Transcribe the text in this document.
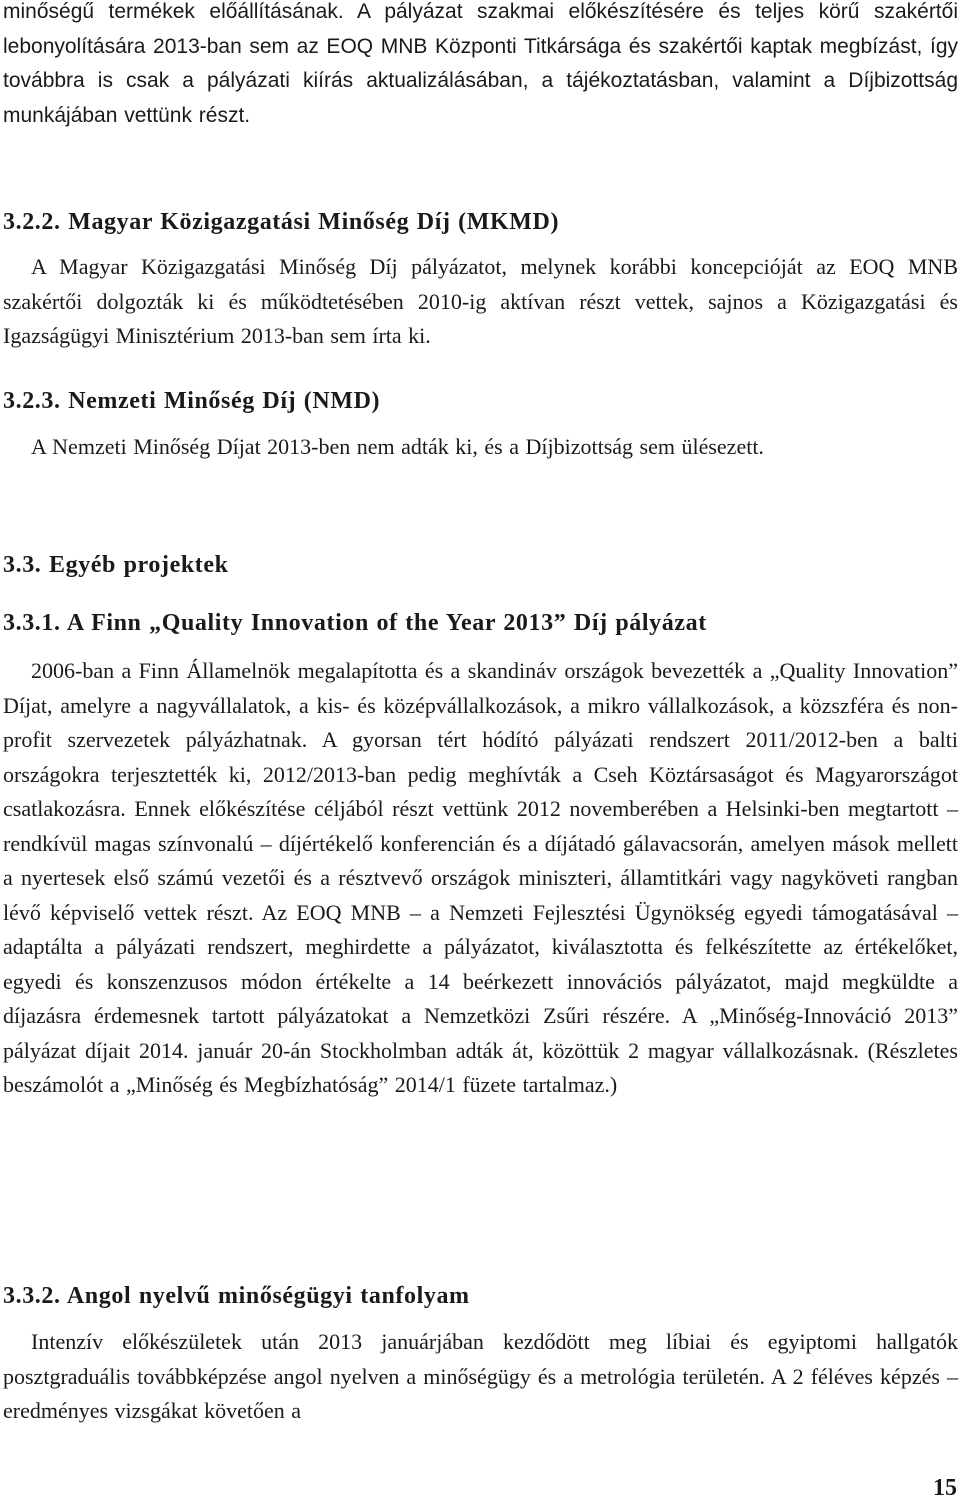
minőségű termékek előállításának. A pályázat szakmai előkészítésére és teljes körű szakértői lebonyolítására 2013-ban sem az EOQ MNB Központi Titkársága és szakértői kaptak megbízást, így továbbra is csak a pályázati kiírás aktualizálásában, a tájékoztatásban, valamint a Díjbizottság munkájában vettünk részt.

3.2.2. Magyar Közigazgatási Minőség Díj (MKMD)

A Magyar Közigazgatási Minőség Díj pályázatot, melynek korábbi koncepcióját az EOQ MNB szakértői dolgozták ki és működtetésében 2010-ig aktívan részt vettek, sajnos a Közigazgatási és Igazságügyi Minisztérium 2013-ban sem írta ki.

3.2.3. Nemzeti Minőség Díj (NMD)

A Nemzeti Minőség Díjat 2013-ben nem adták ki, és a Díjbizottság sem ülésezett.

3.3. Egyéb projektek
3.3.1. A Finn „Quality Innovation of the Year 2013” Díj pályázat

2006-ban a Finn Államelnök megalapította és a skandináv országok bevezették a „Quality Innovation” Díjat, amelyre a nagyvállalatok, a kis- és középvállalkozások, a mikro vállalkozások, a közszféra és non-profit szervezetek pályázhatnak. A gyorsan tért hódító pályázati rendszert 2011/2012-ben a balti országokra terjesztették ki, 2012/2013-ban pedig meghívták a Cseh Köztársaságot és Magyarországot csatlakozásra. Ennek előkészítése céljából részt vettünk 2012 novemberében a Helsinki-ben megtartott – rendkívül magas színvonalú – díjértékelő konferencián és a díjátadó gálavacsorán, amelyen mások mellett a nyertesek első számú vezetői és a résztvevő országok miniszteri, államtitkári vagy nagyköveti rangban lévő képviselő vettek részt. Az EOQ MNB – a Nemzeti Fejlesztési Ügynökség egyedi támogatásával – adaptálta a pályázati rendszert, meghirdette a pályázatot, kiválasztotta és felkészítette az értékelőket, egyedi és konszenzusos módon értékelte a 14 beérkezett innovációs pályázatot, majd megküldte a díjazásra érdemesnek tartott pályázatokat a Nemzetközi Zsűri részére. A „Minőség-Innováció 2013” pályázat díjait 2014. január 20-án Stockholmban adták át, közöttük 2 magyar vállalkozásnak. (Részletes beszámolót a „Minőség és Megbízhatóság” 2014/1 füzete tartalmaz.)

3.3.2. Angol nyelvű minőségügyi tanfolyam

Intenzív előkészületek után 2013 januárjában kezdődött meg líbiai és egyiptomi hallgatók posztgraduális továbbképzése angol nyelven a minőségügy és a metrológia területén. A 2 féléves képzés – eredményes vizsgákat követően a

15
